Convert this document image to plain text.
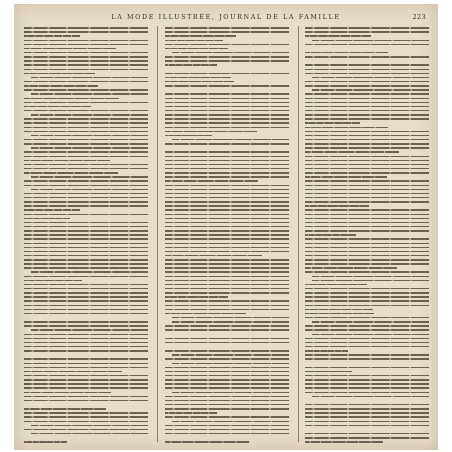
LA MODE ILLUSTRÉE, JOURNAL DE LA FAMILLE	223
